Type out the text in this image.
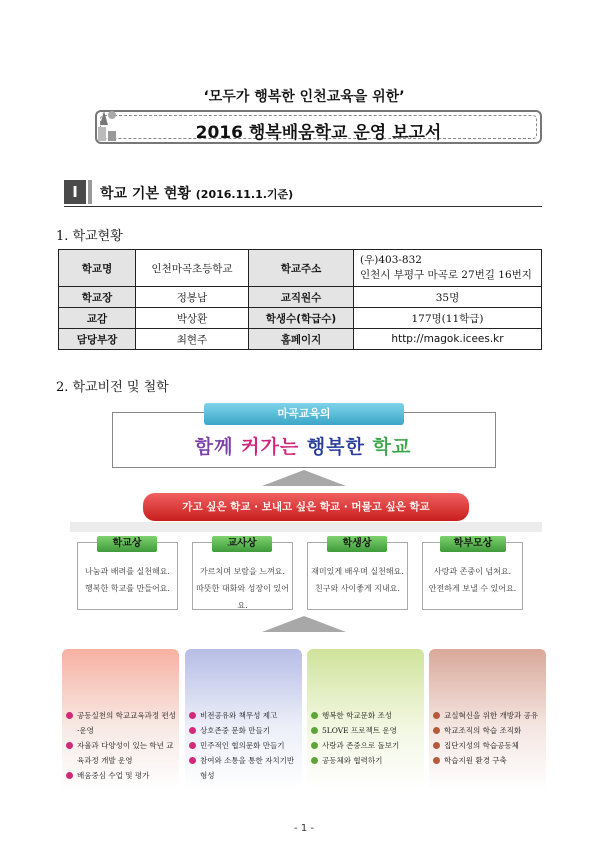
‘모두가 행복한 인천교육을 위한’
2016 행복배움학교 운영 보고서
Ⅰ	학교 기본 현황 (2016.11.1.기준)
1. 학교현황
학교명	인천마곡초등학교	학교주소	(우)403-832
인천시 부평구 마곡로 27번길 16번지

학교장	정봉남	교직원수	35명
교감	박상환	학생수(학급수)	177명(11학급)
담당부장	최현주	홈페이지	http://magok.icees.kr
2. 학교비전 및 철학
마곡교육의
함께 커가는 행복한 학교
가고 싶은 학교 · 보내고 싶은 학교 · 머물고 싶은 학교
학교상
나눔과 배려를 실천해요.
행복한 학교를 만들어요.
교사상
가르치며 보람을 느껴요.
따뜻한 대화와 성장이 있어요.
학생상
재미있게 배우며 실천해요.
친구와 사이좋게 지내요.
학부모상
사랑과 존중이 넘쳐요.
안전하게 보낼 수 있어요.
공동실천의 학교교육과정 편성·운영
자율과 다양성이 있는 학년 교육과정 개발 운영
배움중심 수업 및 평가
비전공유와 책무성 제고
상호존중 문화 만들기
민주적인 협의문화 만들기
참여와 소통을 통한 자치기반 형성
행복한 학교문화 조성
5LOVE 프로젝트 운영
사랑과 존중으로 돌보기
공동체와 협력하기
교실혁신을 위한 개방과 공유
학교조직의 학습 조직화
집단지성의 학습공동체
학습지원 환경 구축
- 1 -
